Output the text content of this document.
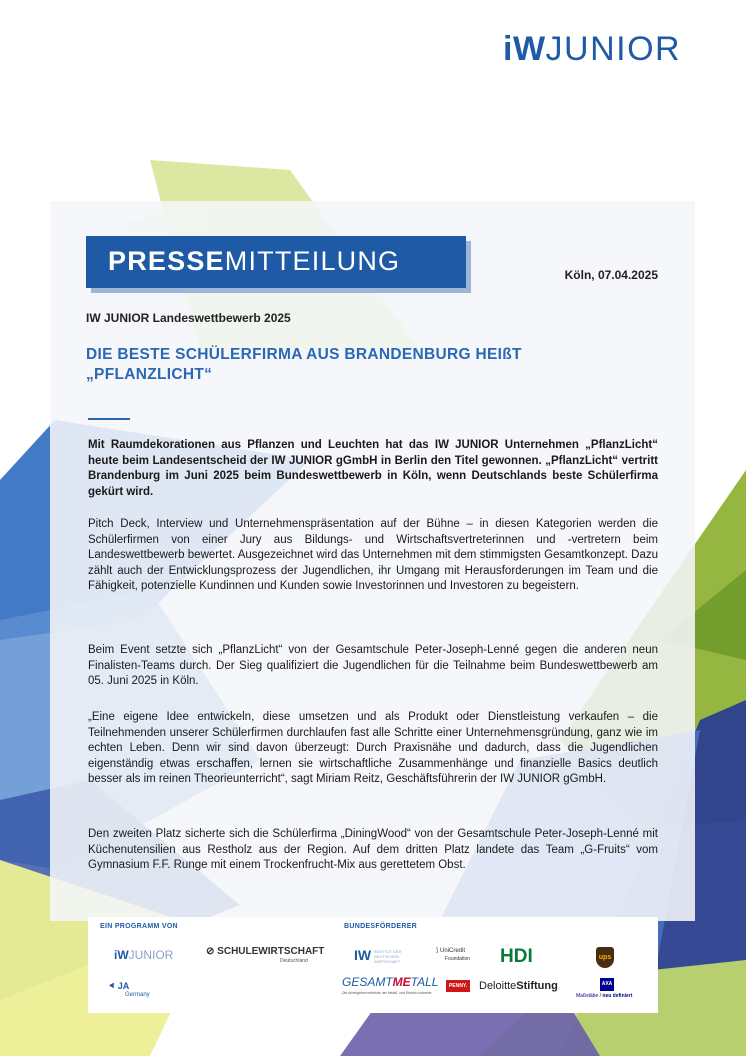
iWJUNIOR
PRESSEMITTEILUNG	Köln, 07.04.2025
IW JUNIOR Landeswettbewerb 2025
DIE BESTE SCHÜLERFIRMA AUS BRANDENBURG HEIßT
„PFLANZLICHT“
Mit Raumdekorationen aus Pflanzen und Leuchten hat das IW JUNIOR Unternehmen „PflanzLicht“ heute beim Landesentscheid der IW JUNIOR gGmbH in Berlin den Titel gewonnen. „PflanzLicht“ vertritt Brandenburg im Juni 2025 beim Bundeswettbewerb in Köln, wenn Deutschlands beste Schülerfirma gekürt wird.
Pitch Deck, Interview und Unternehmenspräsentation auf der Bühne – in diesen Kategorien werden die Schülerfirmen von einer Jury aus Bildungs- und Wirtschaftsvertreterinnen und -vertretern beim Landeswettbewerb bewertet. Ausgezeichnet wird das Unternehmen mit dem stimmigsten Gesamtkonzept. Dazu zählt auch der Entwicklungsprozess der Jugendlichen, ihr Umgang mit Herausforderungen im Team und die Fähigkeit, potenzielle Kundinnen und Kunden sowie Investorinnen und Investoren zu begeistern.
Beim Event setzte sich „PflanzLicht“ von der Gesamtschule Peter-Joseph-Lenné gegen die anderen neun Finalisten-Teams durch. Der Sieg qualifiziert die Jugendlichen für die Teilnahme beim Bundeswettbewerb am 05. Juni 2025 in Köln.
„Eine eigene Idee entwickeln, diese umsetzen und als Produkt oder Dienstleistung verkaufen – die Teilnehmenden unserer Schülerfirmen durchlaufen fast alle Schritte einer Unternehmensgründung, ganz wie im echten Leben. Denn wir sind davon überzeugt: Durch Praxisnähe und dadurch, dass die Jugendlichen eigenständig etwas erschaffen, lernen sie wirtschaftliche Zusammenhänge und finanzielle Basics deutlich besser als im reinen Theorieunterricht“, sagt Miriam Reitz, Geschäftsführerin der IW JUNIOR gGmbH.
Den zweiten Platz sicherte sich die Schülerfirma „DiningWood“ von der Gesamtschule Peter-Joseph-Lenné mit Küchenutensilien aus Restholz aus der Region. Auf dem dritten Platz landete das Team „G-Fruits“ vom Gymnasium F.F. Runge mit einem Trockenfrucht-Mix aus gerettetem Obst.
EIN PROGRAMM VON	BUNDESFÖRDERER
iWJUNIOR	⊘ SCHULEWIRTSCHAFT
Deutschland
⯇ JA
Germany
IW INSTITUT DER DEUTSCHEN WIRTSCHAFT
⟆ UniCredit
Foundation HDI	ups
GESAMTMETALL
Die Arbeitgeberverbände der Metall- und Elektro-Industrie
PENNY. DeloitteStiftung	AXA
Maßstäbe / neu definiert
